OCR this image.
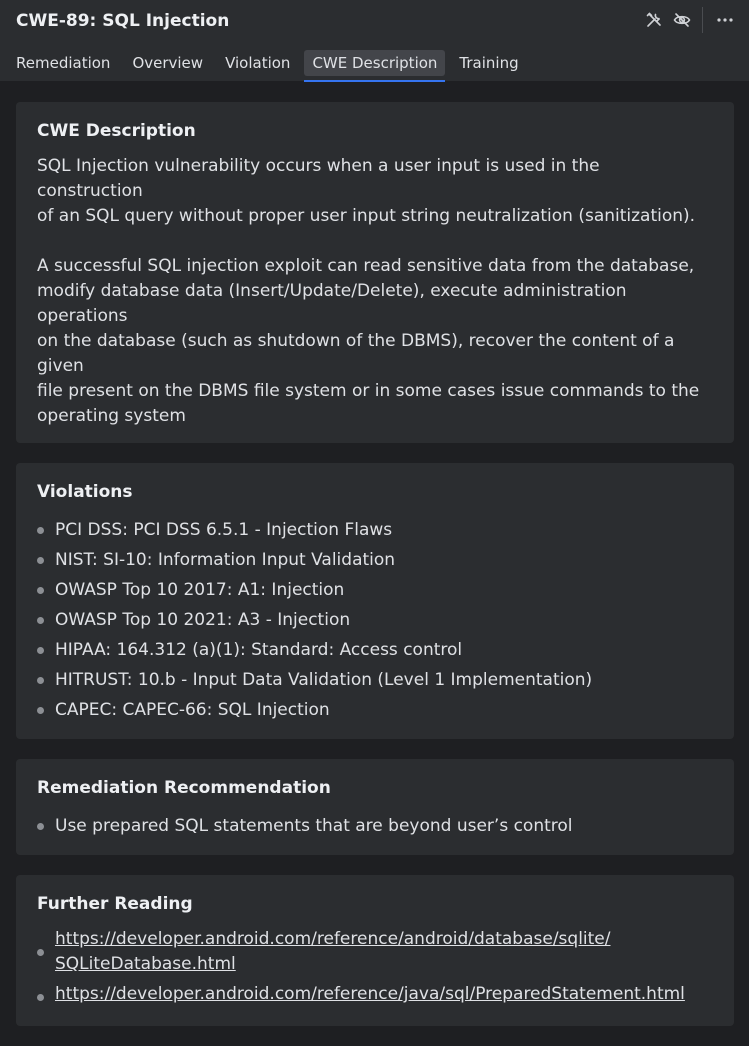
CWE-89: SQL Injection
Remediation	Overview	Violation	CWE Description	Training
CWE Description

SQL Injection vulnerability occurs when a user input is used in the
construction
of an SQL query without proper user input string neutralization (sanitization).

A successful SQL injection exploit can read sensitive data from the database,
modify database data (Insert/Update/Delete), execute administration
operations
on the database (such as shutdown of the DBMS), recover the content of a
given
file present on the DBMS file system or in some cases issue commands to the
operating system

Violations
PCI DSS: PCI DSS 6.5.1 - Injection Flaws
NIST: SI-10: Information Input Validation
OWASP Top 10 2017: A1: Injection
OWASP Top 10 2021: A3 - Injection
HIPAA: 164.312 (a)(1): Standard: Access control
HITRUST: 10.b - Input Data Validation (Level 1 Implementation)
CAPEC: CAPEC-66: SQL Injection
Remediation Recommendation
Use prepared SQL statements that are beyond user’s control
Further Reading
https://developer.android.com/reference/android/database/sqlite/
SQLiteDatabase.html
https://developer.android.com/reference/java/sql/PreparedStatement.html
